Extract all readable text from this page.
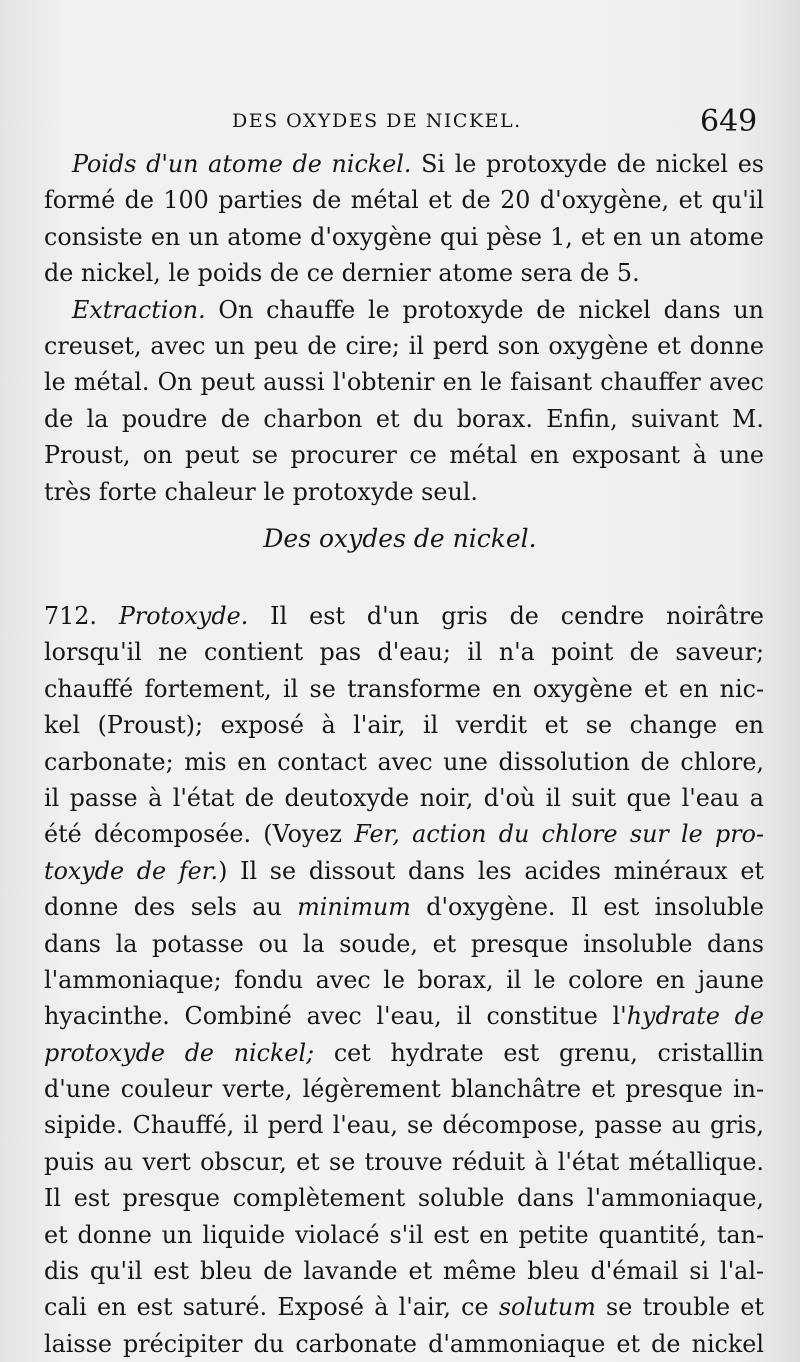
DES OXYDES DE NICKEL.	649
Poids d'un atome de nickel. Si le protoxyde de nickel es
formé de 100 parties de métal et de 20 d'oxygène, et qu'il
consiste en un atome d'oxygène qui pèse 1, et en un atome
de nickel, le poids de ce dernier atome sera de 5.
Extraction. On chauffe le protoxyde de nickel dans un
creuset, avec un peu de cire; il perd son oxygène et donne
le métal. On peut aussi l'obtenir en le faisant chauffer avec
de la poudre de charbon et du borax. Enfin, suivant M.
Proust, on peut se procurer ce métal en exposant à une
très forte chaleur le protoxyde seul.
Des oxydes de nickel.
712. Protoxyde. Il est d'un gris de cendre noirâtre
lorsqu'il ne contient pas d'eau; il n'a point de saveur;
chauffé fortement, il se transforme en oxygène et en nic-
kel (Proust); exposé à l'air, il verdit et se change en
carbonate; mis en contact avec une dissolution de chlore,
il passe à l'état de deutoxyde noir, d'où il suit que l'eau a
été décomposée. (Voyez Fer, action du chlore sur le pro-
toxyde de fer.) Il se dissout dans les acides minéraux et
donne des sels au minimum d'oxygène. Il est insoluble
dans la potasse ou la soude, et presque insoluble dans
l'ammoniaque; fondu avec le borax, il le colore en jaune
hyacinthe. Combiné avec l'eau, il constitue l'hydrate de
protoxyde de nickel; cet hydrate est grenu, cristallin
d'une couleur verte, légèrement blanchâtre et presque in-
sipide. Chauffé, il perd l'eau, se décompose, passe au gris,
puis au vert obscur, et se trouve réduit à l'état métallique.
Il est presque complètement soluble dans l'ammoniaque,
et donne un liquide violacé s'il est en petite quantité, tan-
dis qu'il est bleu de lavande et même bleu d'émail si l'al-
cali en est saturé. Exposé à l'air, ce solutum se trouble et
laisse précipiter du carbonate d'ammoniaque et de nickel
